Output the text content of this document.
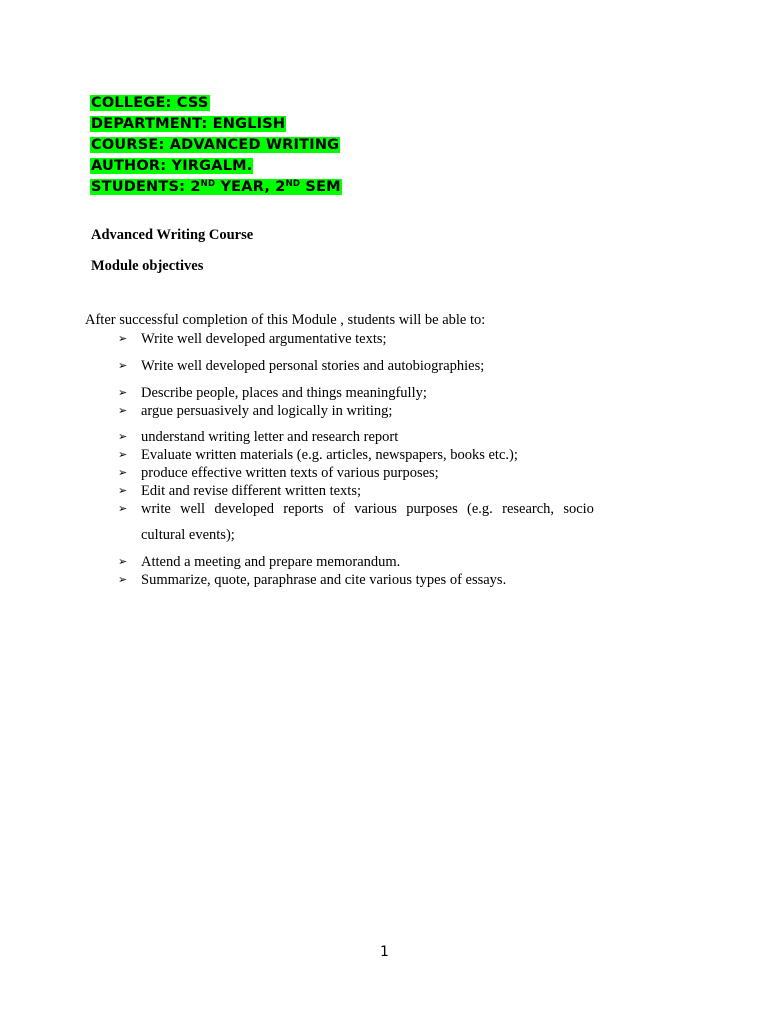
COLLEGE: CSS
DEPARTMENT: ENGLISH
COURSE: ADVANCED WRITING
AUTHOR: YIRGALM.
STUDENTS: 2ND YEAR, 2ND SEM
Advanced Writing Course
Module objectives
After successful completion of this Module , students will be able to:
➢ Write well developed argumentative texts;
➢ Write well developed personal stories and autobiographies;
➢ Describe people, places and things meaningfully;
➢ argue persuasively and logically in writing;
➢ understand writing letter and research report
➢ Evaluate written materials (e.g. articles, newspapers, books etc.);
➢ produce effective written texts of various purposes;
➢ Edit and revise different written texts;
➢ write well developed reports of various purposes (e.g. research, socio
cultural events);
➢ Attend a meeting and prepare memorandum.
➢ Summarize, quote, paraphrase and cite various types of essays.
1
